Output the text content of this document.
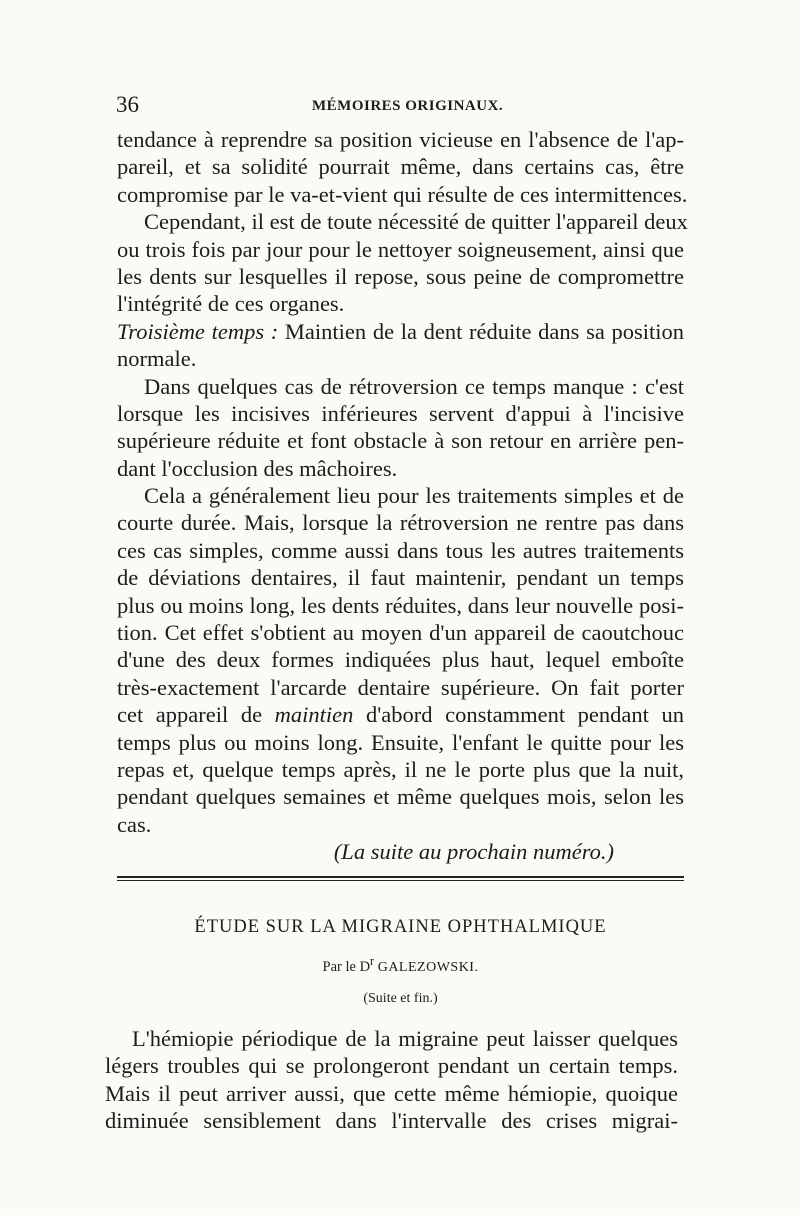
36	MÉMOIRES ORIGINAUX.
tendance à reprendre sa position vicieuse en l'absence de l'ap-
pareil, et sa solidité pourrait même, dans certains cas, être
compromise par le va-et-vient qui résulte de ces intermittences.
Cependant, il est de toute nécessité de quitter l'appareil deux
ou trois fois par jour pour le nettoyer soigneusement, ainsi que
les dents sur lesquelles il repose, sous peine de compromettre
l'intégrité de ces organes.
Troisième temps : Maintien de la dent réduite dans sa position
normale.
Dans quelques cas de rétroversion ce temps manque : c'est
lorsque les incisives inférieures servent d'appui à l'incisive
supérieure réduite et font obstacle à son retour en arrière pen-
dant l'occlusion des mâchoires.
Cela a généralement lieu pour les traitements simples et de
courte durée. Mais, lorsque la rétroversion ne rentre pas dans
ces cas simples, comme aussi dans tous les autres traitements
de déviations dentaires, il faut maintenir, pendant un temps
plus ou moins long, les dents réduites, dans leur nouvelle posi-
tion. Cet effet s'obtient au moyen d'un appareil de caoutchouc
d'une des deux formes indiquées plus haut, lequel emboîte
très-exactement l'arcarde dentaire supérieure. On fait porter
cet appareil de maintien d'abord constamment pendant un
temps plus ou moins long. Ensuite, l'enfant le quitte pour les
repas et, quelque temps après, il ne le porte plus que la nuit,
pendant quelques semaines et même quelques mois, selon les
cas.
(La suite au prochain numéro.)
ÉTUDE SUR LA MIGRAINE OPHTHALMIQUE
Par le $D^r$ GALEZOWSKI.
(Suite et fin.)
L'hémiopie périodique de la migraine peut laisser quelques
légers troubles qui se prolongeront pendant un certain temps.
Mais il peut arriver aussi, que cette même hémiopie, quoique
diminuée sensiblement dans l'intervalle des crises migrai-
